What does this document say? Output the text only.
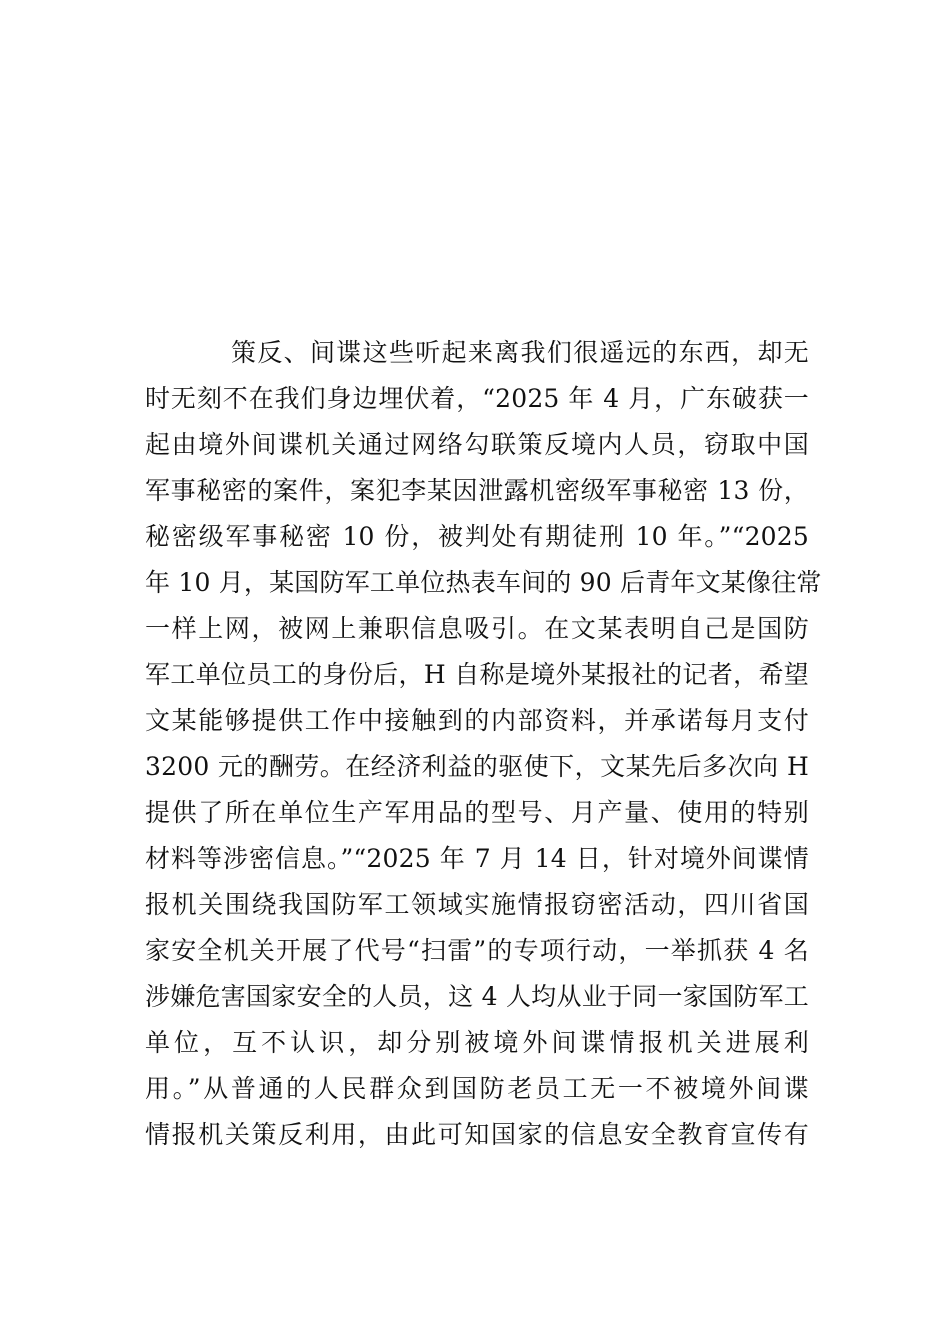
策反、间谍这些听起来离我们很遥远的东西，却无
时无刻不在我们身边埋伏着，“2025 年 4 月，广东破获一
起由境外间谍机关通过网络勾联策反境内人员，窃取中国
军事秘密的案件，案犯李某因泄露机密级军事秘密 13 份，
秘密级军事秘密 10 份，被判处有期徒刑 10 年。”“2025
年 10 月，某国防军工单位热表车间的 90 后青年文某像往常
一样上网，被网上兼职信息吸引。在文某表明自己是国防
军工单位员工的身份后，H 自称是境外某报社的记者，希望
文某能够提供工作中接触到的内部资料，并承诺每月支付
3200 元的酬劳。在经济利益的驱使下，文某先后多次向 H
提供了所在单位生产军用品的型号、月产量、使用的特别
材料等涉密信息。”“2025 年 7 月 14 日，针对境外间谍情
报机关围绕我国防军工领域实施情报窃密活动，四川省国
家安全机关开展了代号“扫雷”的专项行动，一举抓获 4 名
涉嫌危害国家安全的人员，这 4 人均从业于同一家国防军工
单位，互不认识，却分别被境外间谍情报机关进展利
用。”从普通的人民群众到国防老员工无一不被境外间谍
情报机关策反利用，由此可知国家的信息安全教育宣传有
